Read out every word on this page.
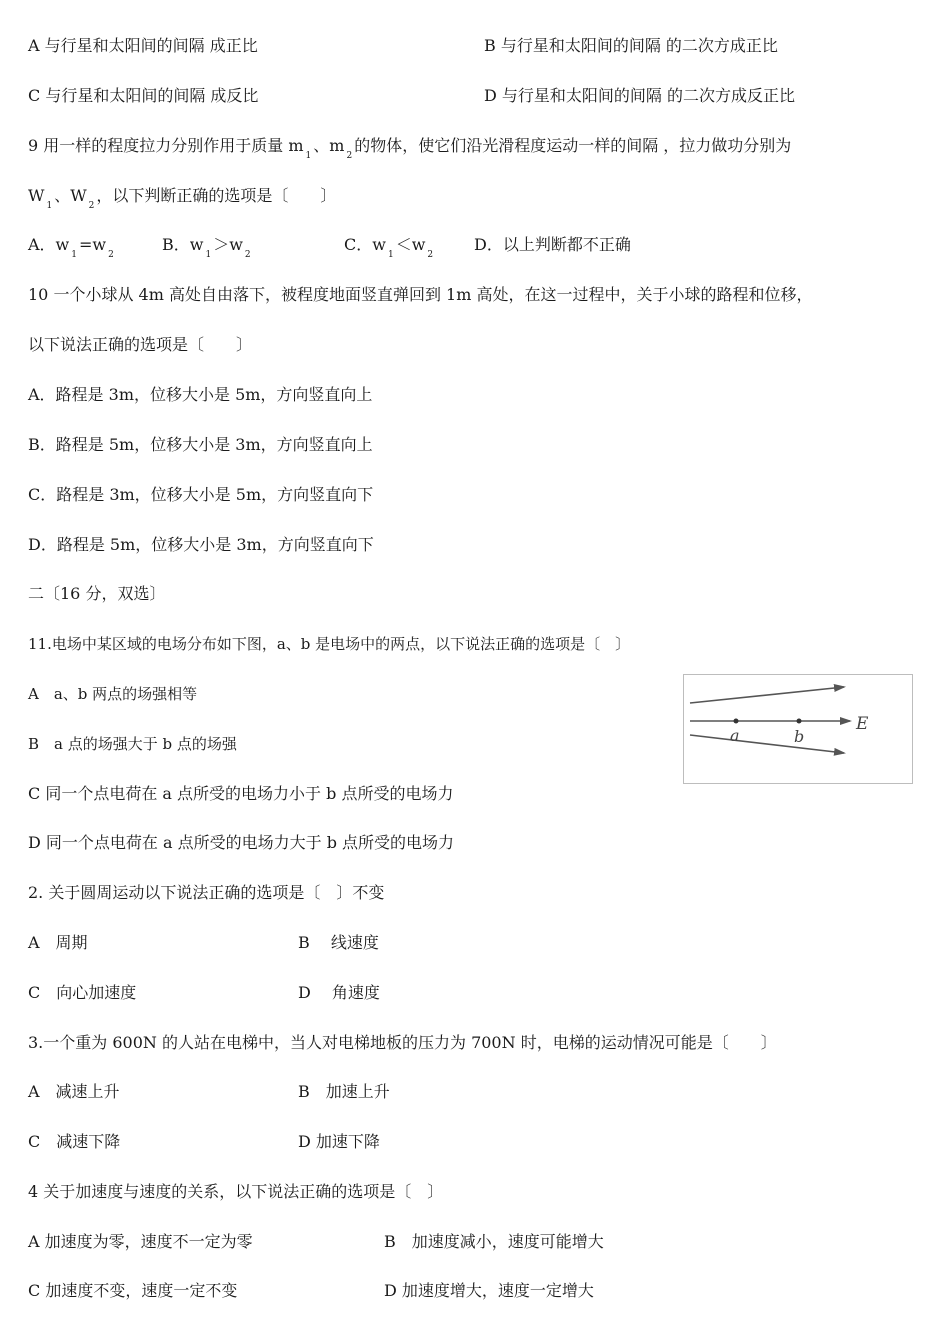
A 与行星和太阳间的间隔 成正比	B 与行星和太阳间的间隔 的二次方成正比
C 与行星和太阳间的间隔 成反比	D 与行星和太阳间的间隔 的二次方成反正比
9 用一样的程度拉力分别作用于质量 $m_1$、$m_2$的物体，使它们沿光滑程度运动一样的间隔 ，拉力做功分别为
$W_1$、$W_2$，以下判断正确的选项是〔　　〕
A．$w_1=w_2$
B．$w_1>w_2$
C．$w_1<w_2$
D．以上判断都不正确
10 一个小球从 4m 高处自由落下，被程度地面竖直弹回到 1m 高处，在这一过程中，关于小球的路程和位移，
以下说法正确的选项是〔　　〕
A．路程是 3m，位移大小是 5m，方向竖直向上
B．路程是 5m，位移大小是 3m，方向竖直向上
C．路程是 3m，位移大小是 5m，方向竖直向下
D．路程是 5m，位移大小是 3m，方向竖直向下
二〔16 分，双选〕
11.电场中某区域的电场分布如下图，a、b 是电场中的两点，以下说法正确的选项是〔　〕
A　a、b 两点的场强相等
B　a 点的场强大于 b 点的场强
C 同一个点电荷在 a 点所受的电场力小于 b 点所受的电场力
D 同一个点电荷在 a 点所受的电场力大于 b 点所受的电场力
a	b
E
2. 关于圆周运动以下说法正确的选项是〔　〕不变
A　周期	B　 线速度
C　向心加速度	D　 角速度
3.一个重为 600N 的人站在电梯中，当人对电梯地板的压力为 700N 时，电梯的运动情况可能是〔　　〕
A　减速上升	B　加速上升
C　减速下降	D 加速下降
4 关于加速度与速度的关系，以下说法正确的选项是〔　〕
A 加速度为零，速度不一定为零	B　加速度减小，速度可能增大
C 加速度不变，速度一定不变	D 加速度增大，速度一定增大
